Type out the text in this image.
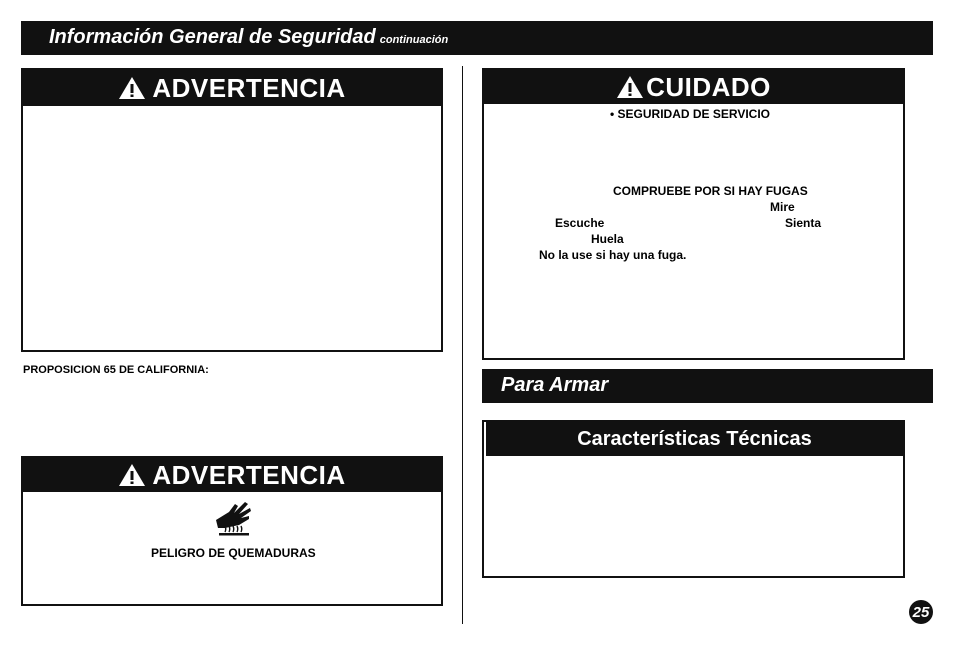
Información General de Seguridad continuación
ADVERTENCIA
PROPOSICION 65 DE CALIFORNIA:
ADVERTENCIA
PELIGRO DE QUEMADURAS
CUIDADO
• SEGURIDAD DE SERVICIO
COMPRUEBE POR SI HAY FUGAS
Mire
Escuche	Sienta
Huela
No la use si hay una fuga.
Para Armar
Características Técnicas
25
